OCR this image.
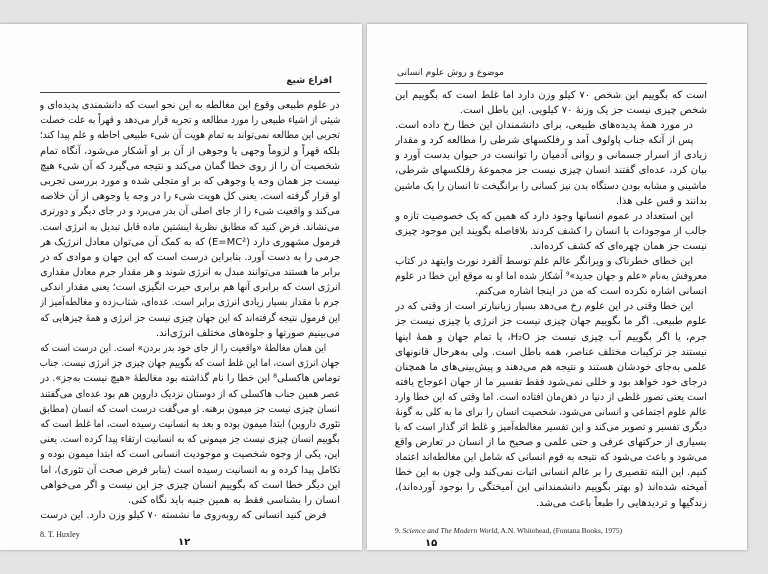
افزاع شیع
در علوم طبیعی وقوع این مغالطه به این نحو است که دانشمندی پدیده‌ای و
شیئی از اشیاء طبیعی را مورد مطالعه و تجربه قرار می‌دهد و قهراً به علت خصلت
تجربی این مطالعه نمی‌تواند به تمام هویت آن شیء طبیعی احاطه و علم پیدا کند؛
بلکه قهراً و لزوماً وجهی یا وجوهی از آن بر او آشکار می‌شود، آنگاه تمام
شخصیت آن را از روی خطا گمان می‌کند و نتیجه می‌گیرد که آن شیء هیچ
نیست جز همان وجه یا وجوهی که بر او متجلی شده و مورد بررسی تجربی
او قرار گرفته است. یعنی کل هویت شیء را در وجه یا وجوهی از آن خلاصه
می‌کند و واقعیت شیء را از جای اصلی آن بدر می‌برد و در جای دیگر و دورتری
می‌نشاند. فرض کنید که مطابق نظریهٔ اینشتین ماده قابل تبدیل به انرژی است.
فرمول مشهوری دارد (E=MC²) که به کمک آن می‌توان معادل انرژیک هر
جرمی را به دست آورد. بنابراین درست است که این جهان و موادی که در
برابر ما هستند می‌توانند مبدل به انرژی شوند و هر مقدار جرم معادل مقداری
انرژی است که برابری آنها هم برابری حیرت انگیزی است؛ یعنی مقدار اندکی
جرم با مقدار بسیار زیادی انرژی برابر است. عده‌ای، شتاب‌زده و مغالطه‌آمیز از
این فرمول نتیجه گرفته‌اند که این جهان چیزی نیست جز انرژی و همهٔ چیزهایی که
می‌بینیم صورتها و جلوه‌های مختلف انرژی‌اند.
این همان مغالطهٔ «واقعیت را از جای خود بدر بردن» است. این درست است که
جهان انرژی است، اما این غلط است که بگوییم جهان چیزی جز انرژی نیست. جناب
توماس هاکسلی⁸ این خطا را نام گذاشته بود مغالطهٔ «هیچ نیست به‌جز». در
عصر همین جناب هاکسلی که از دوستان نزدیک داروین هم بود عده‌ای می‌گفتند
انسان چیزی نیست جز میمون برهنه. او می‌گفت درست است که انسان (مطابق
تئوری داروین) ابتدا میمون بوده و بعد به انسانیت رسیده است، اما غلط است که
بگوییم انسان چیزی نیست جز میمونی که به انسانیت ارتقاء پیدا کرده است. یعنی
این، یکی از وجوه شخصیت و موجودیت انسانی است که ابتدا میمون بوده و
تکامل پیدا کرده و به انسانیت رسیده است (بنابر فرض صحت آن تئوری)، اما
این دیگر خطا است که بگوییم انسان چیزی جز این نیست و اگر می‌خواهی
انسان را بشناسی فقط به همین جنبه باید نگاه کنی.
فرض کنید انسانی که روبه‌روی ما نشسته ۷۰ کیلو وزن دارد. این درست
8. T. Huxley
۱۲
موضوع و روش علوم انسانی
است که بگوییم این شخص ۷۰ کیلو وزن دارد اما غلط است که بگوییم این
شخص چیزی نیست جز یک وزنهٔ ۷۰ کیلویی. این باطل است.
در مورد همهٔ پدیده‌های طبیعی، برای دانشمندان این خطا رخ داده است.
پس از آنکه جناب پاولوف آمد و رفلکسهای شرطی را مطالعه کرد و مقدار
زیادی از اسرار جسمانی و روانی آدمیان را توانست در حیوان بدست آورد و
بیان کرد، عده‌ای گفتند انسان چیزی نیست جز مجموعهٔ رفلکسهای شرطی،
ماشینی و مشابه بودن دستگاه بدن نیز کسانی را برانگیخت تا انسان را یک ماشین
بدانند و قس علی هذا.
این استعداد در عموم انسانها وجود دارد که همین که یک خصوصیت تازه و
جالب از موجودات یا انسان را کشف کردند بلافاصله بگویند این موجود چیزی
نیست جز همان چهره‌ای که کشف کرده‌اند.
این خطای خطرناک و ویرانگر عالم علم توسط آلفرد نورث وایتهد در کتاب
معروفش به‌نام «علم و جهان جدید»⁹ آشکار شده اما او به موقع این خطا در علوم
انسانی اشاره نکرده است که من در اینجا اشاره می‌کنم.
این خطا وقتی در این علوم رخ می‌دهد بسیار زیانبارتر است از وقتی که در
علوم طبیعی. اگر ما بگوییم جهان چیزی نیست جز انرژی یا چیزی نیست جز
جرم، یا اگر بگوییم آب چیزی نیست جز H₂O، یا تمام جهان و همهٔ اینها
نیستند جز ترکیبات مختلف عناصر، همه باطل است. ولی به‌هرحال قانونهای
علمی به‌جای خودشان هستند و نتیجه هم می‌دهند و پیش‌بینی‌های ما همچنان
درجای خود خواهد بود و خللی نمی‌شود فقط تفسیر ما از جهان اعوجاج یافته
است یعنی تصور غلطی از دنیا در ذهن‌مان افتاده است. اما وقتی که این خطا وارد
عالم علوم اجتماعی و انسانی می‌شود، شخصیت انسان را برای ما به کلی به گونهٔ
دیگری تفسیر و تصویر می‌کند و این تفسیر مغالطه‌آمیز و غلط اثر گذار است که با
بسیاری از حرکتهای عرفی و حتی علمی و صحیح ما از انسان در تعارض واقع
می‌شود و باعث می‌شود که نتیجه به قوم انسانی که شامل این مغالطه‌اند اعتماد
کنیم. این البته تقصیری را بر عالم انسانی اثبات نمی‌کند ولی چون به این خطا
آمیخته شده‌اند (و بهتر بگوییم دانشمندانی این آمیختگی را بوجود آورده‌اند)،
زندگیها و تردیدهایی را طبعاً باعث می‌شد.
9. Science and The Modern World, A.N. Whitehead, (Fontana Books, 1975)
۱۵
